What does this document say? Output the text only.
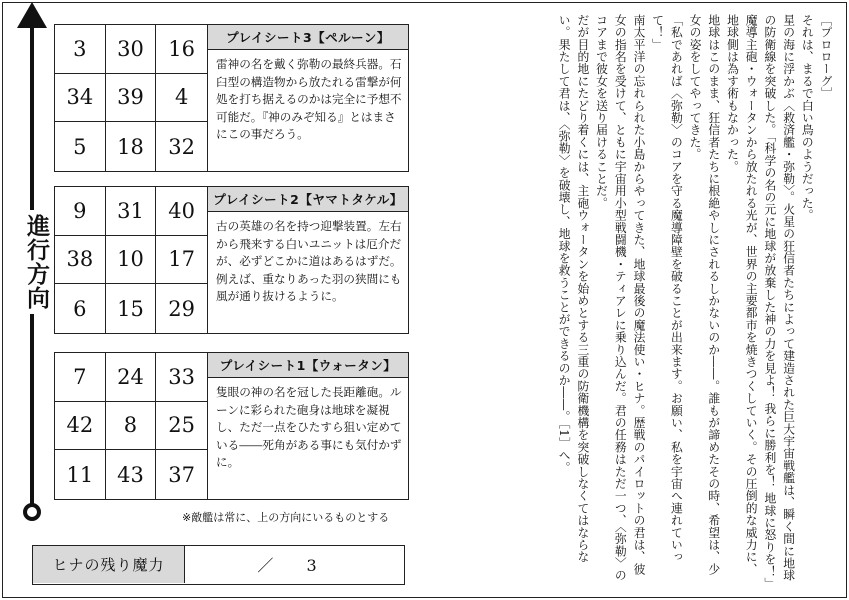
進行方向
3	30	16
34	39	4
5	18	32
プレイシート3【ペルーン】
雷神の名を戴く弥勒の最終兵器。石臼型の構造物から放たれる雷撃が何処を打ち据えるのかは完全に予想不可能だ。『神のみぞ知る』とはまさにこの事だろう。
9	31	40
38	10	17
6	15	29
プレイシート2【ヤマトタケル】
古の英雄の名を持つ迎撃装置。左右から飛来する白いユニットは厄介だが、必ずどこかに道はあるはずだ。例えば、重なりあった羽の狭間にも風が通り抜けるように。
7	24	33
42	8	25
11	43	37
プレイシート1【ウォータン】
隻眼の神の名を冠した長距離砲。ルーンに彩られた砲身は地球を凝視し、ただ一点をひたすら狙い定めている――死角がある事にも気付かずに。
※敵艦は常に、上の方向にいるものとする
ヒナの残り魔力	／ 3

［プロローグ］

それは、まるで白い鳥のようだった。

星の海に浮かぶ〈救済艦・弥勒〉。火星の狂信者たちによって建造された巨大宇宙戦艦は、瞬く間に地球の防衛線を突破した。「科学の名の元に地球が放棄した神の力を見よ！ 我らに勝利を！ 地球に怒りを！」魔導主砲・ウォータンから放たれる光が、世界の主要都市を焼きつくしていく。その圧倒的な威力に、地球側は為す術もなかった。

地球はこのまま、狂信者たちに根絶やしにされるしかないのか――。誰もが諦めたその時、希望は、少女の姿をしてやってきた。

「私であれば〈弥勒〉のコアを守る魔導障壁を破ることが出来ます。お願い、私を宇宙へ連れていって！」

南太平洋の忘れられた小島からやってきた、地球最後の魔法使い・ヒナ。歴戦のパイロットの君は、彼女の指名を受けて、ともに宇宙用小型戦闘機・ティアレに乗り込んだ。君の任務はただ一つ、〈弥勒〉のコアまで彼女を送り届けることだ。

だが目的地にたどり着くには、主砲ウォータンを始めとする三重の防衛機構を突破しなくてはならない。果たして君は、〈弥勒〉を破壊し、地球を救うことができるのか――。［1］へ。
